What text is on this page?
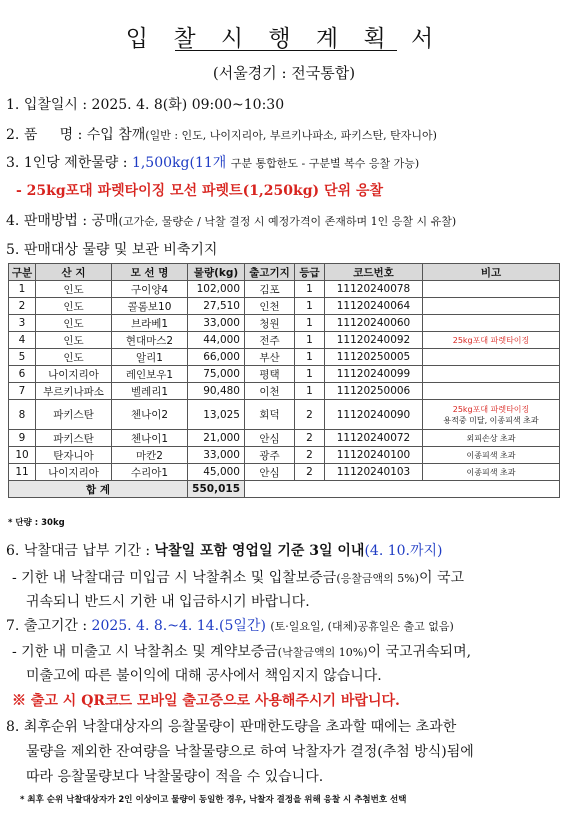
입 찰 시 행 계 획 서
(서울경기 : 전국통합)
1. 입찰일시 : 2025. 4. 8(화) 09:00~10:30
2. 품     명 : 수입 참깨(일반 : 인도, 나이지리아, 부르키나파소, 파키스탄, 탄자니아)
3. 1인당 제한물량 : 1,500kg(11개 구분 통합한도 - 구분별 복수 응찰 가능)
- 25kg포대 파렛타이징 모선 파렛트(1,250kg) 단위 응찰
4. 판매방법 : 공매(고가순, 물량순 / 낙찰 결정 시 예정가격이 존재하며 1인 응찰 시 유찰)
5. 판매대상 물량 및 보관 비축기지
구분	산 지	모 선 명	물량(kg)	출고기지	등급	코드번호	비고
1	인도	구이양4	102,000	김포	1	11120240078	
2	인도	콜롬보10	27,510	인천	1	11120240064	
3	인도	브라베1	33,000	청원	1	11120240060	
4	인도	현대마스2	44,000	전주	1	11120240092	25kg포대 파렛타이징

5	인도	알리1	66,000	부산	1	11120250005	
6	나이지리아	레인보우1	75,000	평택	1	11120240099	
7	부르키나파소	벨레리1	90,480	이천	1	11120250006	
8	파키스탄	첸나이2	13,025	회덕	2	11120240090	25kg포대 파렛타이징
용적중 미달, 이종피색 초과

9	파키스탄	첸나이1	21,000	안심	2	11120240072	외피손상 초과

10	탄자니아	마칸2	33,000	광주	2	11120240100	이종피색 초과

11	나이지리아	수리아1	45,000	안심	2	11120240103	이종피색 초과

합 계			550,015				
* 단량 : 30kg
6. 낙찰대금 납부 기간 : 낙찰일 포함 영업일 기준 3일 이내(4. 10.까지)
- 기한 내 낙찰대금 미입금 시 낙찰취소 및 입찰보증금(응찰금액의 5%)이 국고
귀속되니 반드시 기한 내 입금하시기 바랍니다.
7. 출고기간 : 2025. 4. 8.~4. 14.(5일간) (토·일요일, (대체)공휴일은 출고 없음)
- 기한 내 미출고 시 낙찰취소 및 계약보증금(낙찰금액의 10%)이 국고귀속되며,
미출고에 따른 불이익에 대해 공사에서 책임지지 않습니다.
※ 출고 시 QR코드 모바일 출고증으로 사용해주시기 바랍니다.
8. 최후순위 낙찰대상자의 응찰물량이 판매한도량을 초과할 때에는 초과한
물량을 제외한 잔여량을 낙찰물량으로 하여 낙찰자가 결정(추첨 방식)됨에
따라 응찰물량보다 낙찰물량이 적을 수 있습니다.
* 최후 순위 낙찰대상자가 2인 이상이고 물량이 동일한 경우, 낙찰자 결정을 위해 응찰 시 추첨번호 선택
